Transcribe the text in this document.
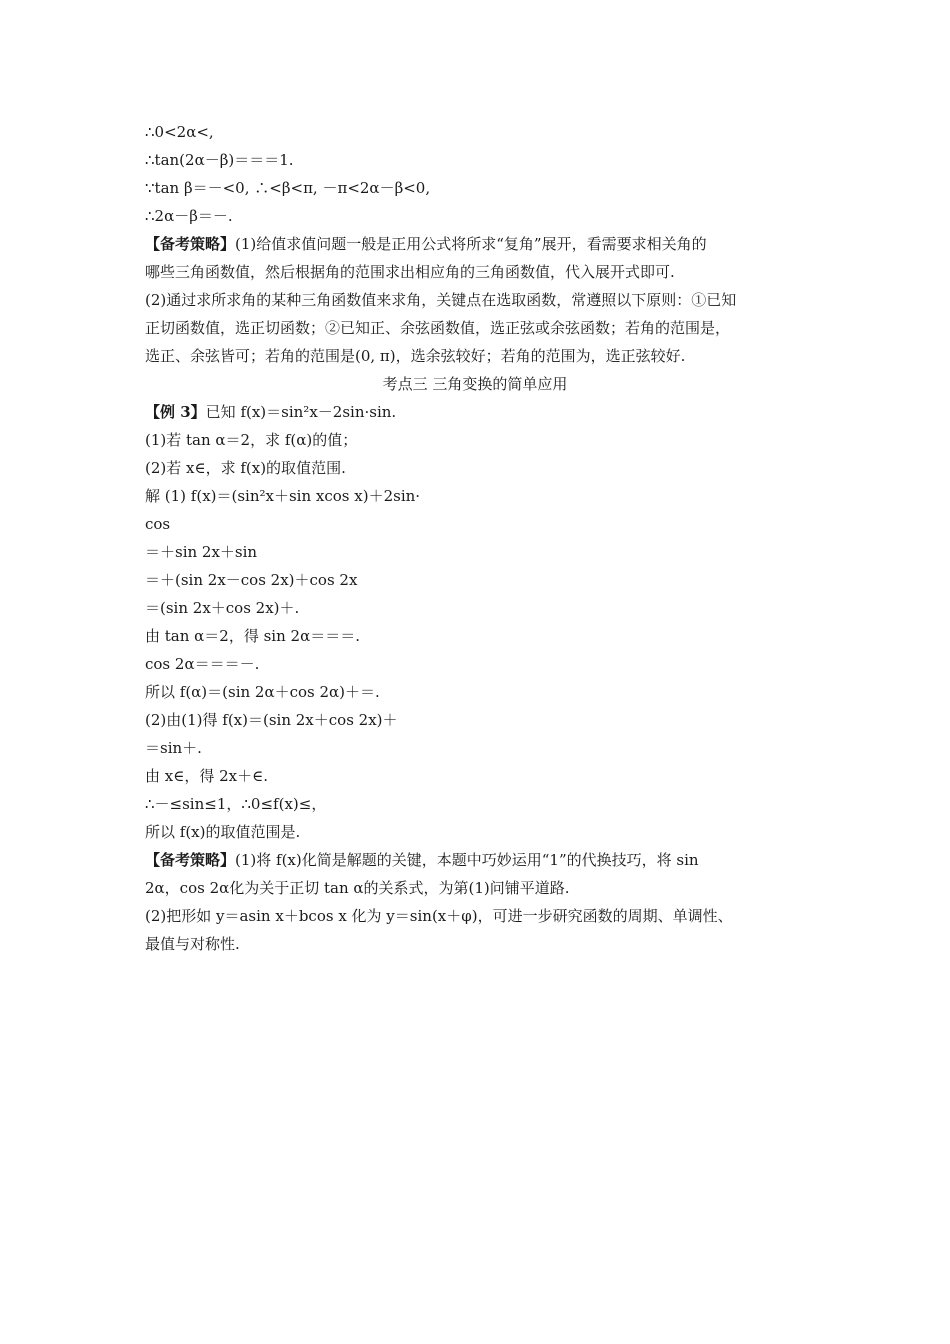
∴0<2α<,
∴tan(2α－β)＝＝＝1.
∵tan β＝－<0, ∴<β<π, －π<2α－β<0,
∴2α－β＝－.
【备考策略】(1)给值求值问题一般是正用公式将所求“复角”展开，看需要求相关角的
哪些三角函数值，然后根据角的范围求出相应角的三角函数值，代入展开式即可.
(2)通过求所求角的某种三角函数值来求角，关键点在选取函数，常遵照以下原则：①已知
正切函数值，选正切函数；②已知正、余弦函数值，选正弦或余弦函数；若角的范围是，
选正、余弦皆可；若角的范围是(0, π)，选余弦较好；若角的范围为，选正弦较好.
考点三 三角变换的简单应用
【例 3】已知 f(x)＝sin²x－2sin·sin.
(1)若 tan α＝2，求 f(α)的值；
(2)若 x∈，求 f(x)的取值范围.
解 (1) f(x)＝(sin²x＋sin xcos x)＋2sin·
cos
＝＋sin 2x＋sin
＝＋(sin 2x－cos 2x)＋cos 2x
＝(sin 2x＋cos 2x)＋.
由 tan α＝2，得 sin 2α＝＝＝.
cos 2α＝＝＝－.
所以 f(α)＝(sin 2α＋cos 2α)＋＝.
(2)由(1)得 f(x)＝(sin 2x＋cos 2x)＋
＝sin＋.
由 x∈，得 2x＋∈.
∴－≤sin≤1，∴0≤f(x)≤，
所以 f(x)的取值范围是.
【备考策略】(1)将 f(x)化简是解题的关键，本题中巧妙运用“1”的代换技巧，将 sin
2α，cos 2α化为关于正切 tan α的关系式，为第(1)问铺平道路.
(2)把形如 y＝asin x＋bcos x 化为 y＝sin(x＋φ)，可进一步研究函数的周期、单调性、
最值与对称性.
